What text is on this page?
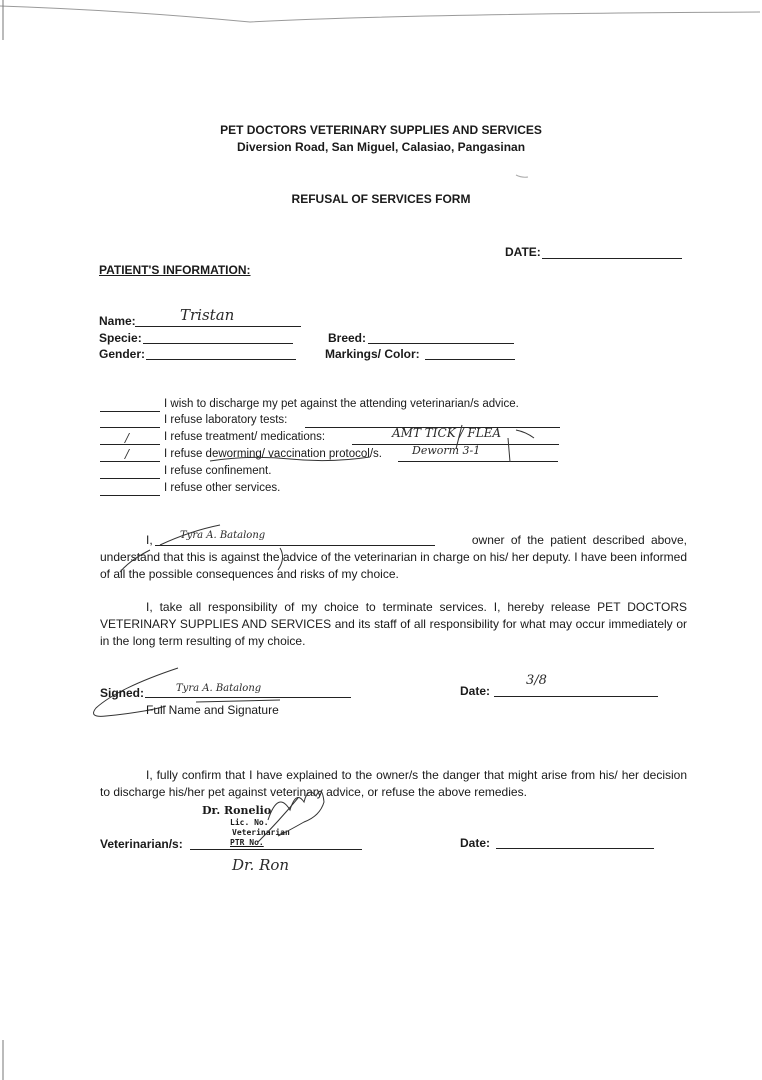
PET DOCTORS VETERINARY SUPPLIES AND SERVICES
Diversion Road, San Miguel, Calasiao, Pangasinan
REFUSAL OF SERVICES FORM
DATE:
PATIENT'S INFORMATION:
Name:	Tristan
Specie:	Breed:
Gender:	Markings/ Color:
I wish to discharge my pet against the attending veterinarian/s advice.
I refuse laboratory tests:
/	I refuse treatment/ medications:	AMT TICK / FLEA
/	I refuse deworming/ vaccination protocol/s.	Deworm 3-1
I refuse confinement.
I refuse other services.
I,	Tyra A. Batalong	owner of the patient described above,
understand that this is against the advice of the veterinarian in charge on his/ her deputy. I have been informed of all the possible consequences and risks of my choice.
I, take all responsibility of my choice to terminate services. I, hereby release PET DOCTORS VETERINARY SUPPLIES AND SERVICES and its staff of all responsibility for what may occur immediately or in the long term resulting of my choice.
Signed:	Tyra A. Batalong
Full Name and Signature
Date:
3/8
I, fully confirm that I have explained to the owner/s the danger that might arise from his/ her decision to discharge his/her pet against veterinary advice, or refuse the above remedies.
Dr. Ronelio
Lic. No.
Veterinarian
PTR No.
Veterinarian/s:
Dr. Ron
Date:
